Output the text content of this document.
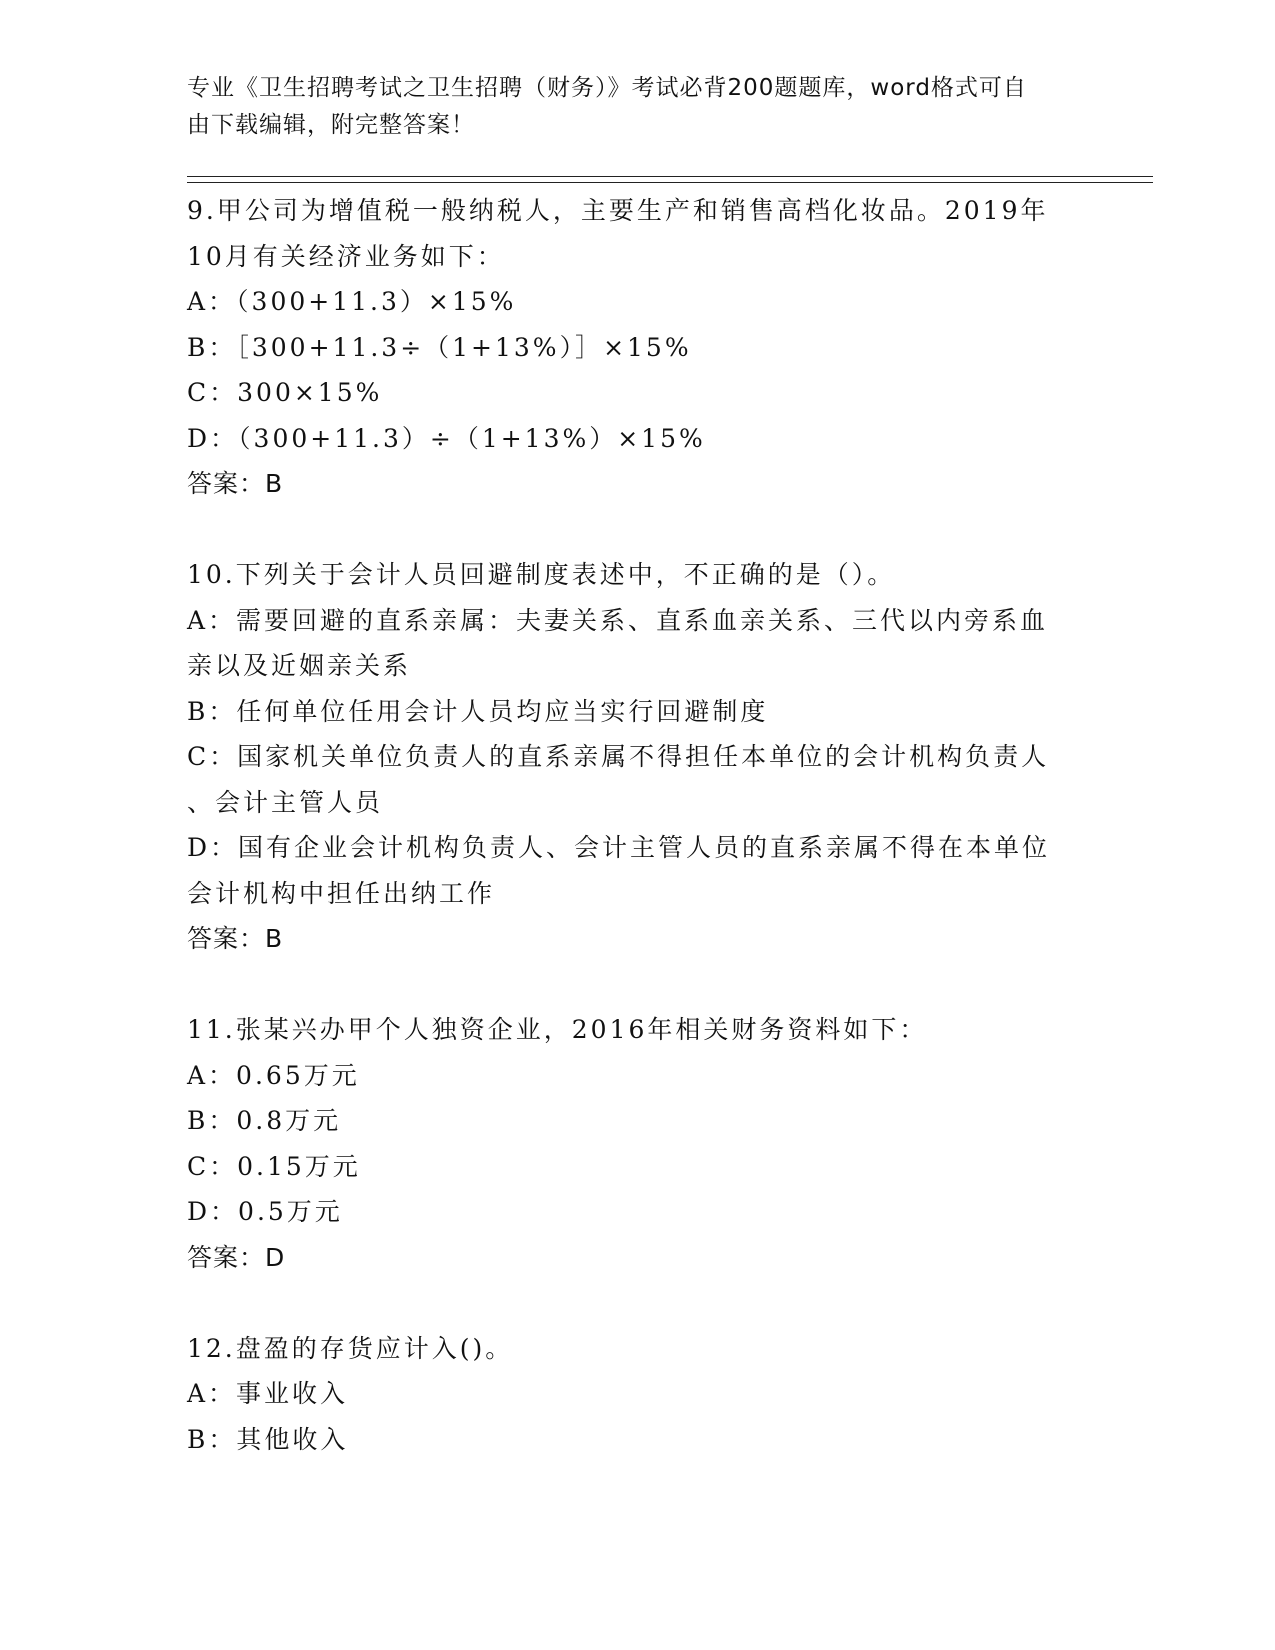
专业《卫生招聘考试之卫生招聘（财务）》考试必背200题题库，word格式可自
由下载编辑，附完整答案！
9.甲公司为增值税一般纳税人，主要生产和销售高档化妆品。2019年
10月有关经济业务如下：
A：（300+11.3）×15%
B：［300+11.3÷（1+13%）］×15%
C：300×15%
D：（300+11.3）÷（1+13%）×15%
答案：B
10.下列关于会计人员回避制度表述中，不正确的是（）。
A：需要回避的直系亲属：夫妻关系、直系血亲关系、三代以内旁系血
亲以及近姻亲关系
B：任何单位任用会计人员均应当实行回避制度
C：国家机关单位负责人的直系亲属不得担任本单位的会计机构负责人
、会计主管人员
D：国有企业会计机构负责人、会计主管人员的直系亲属不得在本单位
会计机构中担任出纳工作
答案：B
11.张某兴办甲个人独资企业，2016年相关财务资料如下：
A：0.65万元
B：0.8万元
C：0.15万元
D：0.5万元
答案：D
12.盘盈的存货应计入()。
A：事业收入
B：其他收入
